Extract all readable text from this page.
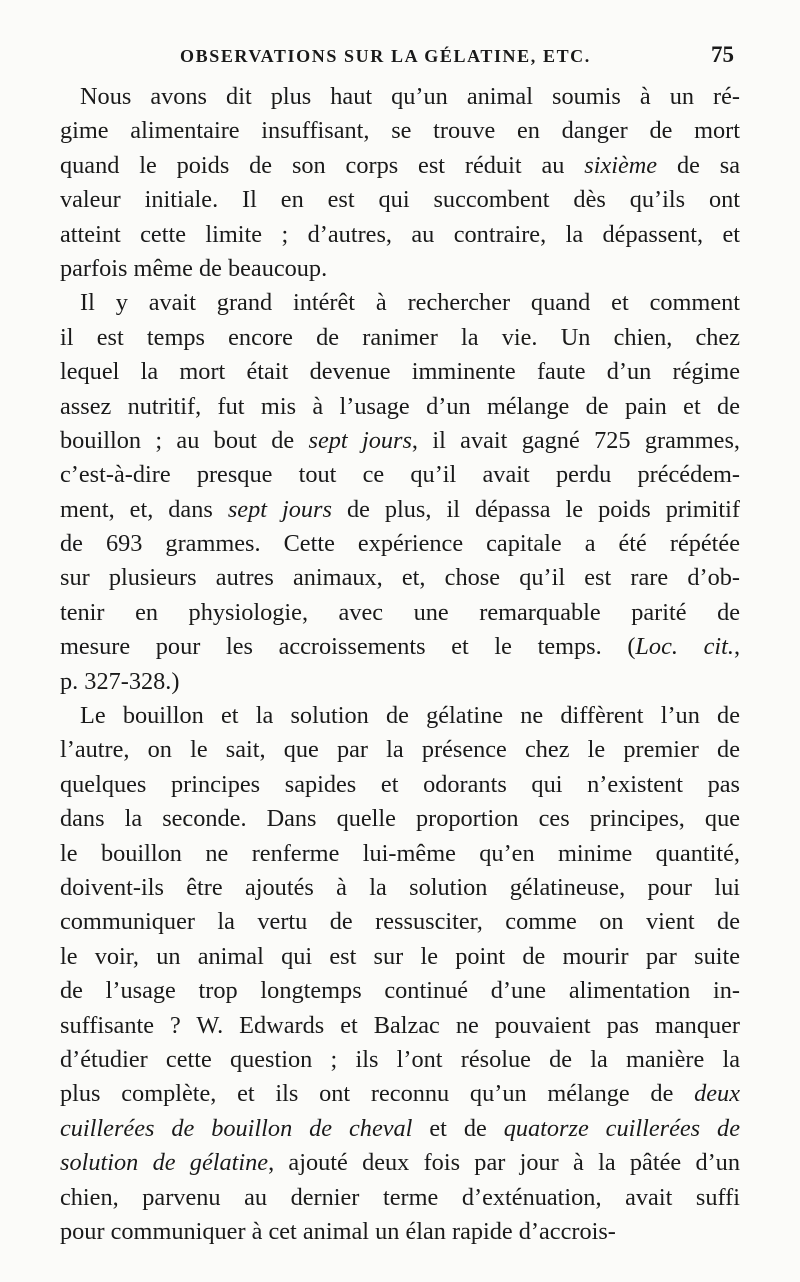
OBSERVATIONS SUR LA GÉLATINE, ETC.	75
Nous avons dit plus haut qu’un animal soumis à un ré-
gime alimentaire insuffisant, se trouve en danger de mort
quand le poids de son corps est réduit au sixième de sa
valeur initiale. Il en est qui succombent dès qu’ils ont
atteint cette limite ; d’autres, au contraire, la dépassent, et
parfois même de beaucoup.
Il y avait grand intérêt à rechercher quand et comment
il est temps encore de ranimer la vie. Un chien, chez
lequel la mort était devenue imminente faute d’un régime
assez nutritif, fut mis à l’usage d’un mélange de pain et de
bouillon ; au bout de sept jours, il avait gagné 725 grammes,
c’est-à-dire presque tout ce qu’il avait perdu précédem-
ment, et, dans sept jours de plus, il dépassa le poids primitif
de 693 grammes. Cette expérience capitale a été répétée
sur plusieurs autres animaux, et, chose qu’il est rare d’ob-
tenir en physiologie, avec une remarquable parité de
mesure pour les accroissements et le temps. (Loc. cit.,
p. 327-328.)
Le bouillon et la solution de gélatine ne diffèrent l’un de
l’autre, on le sait, que par la présence chez le premier de
quelques principes sapides et odorants qui n’existent pas
dans la seconde. Dans quelle proportion ces principes, que
le bouillon ne renferme lui-même qu’en minime quantité,
doivent-ils être ajoutés à la solution gélatineuse, pour lui
communiquer la vertu de ressusciter, comme on vient de
le voir, un animal qui est sur le point de mourir par suite
de l’usage trop longtemps continué d’une alimentation in-
suffisante ? W. Edwards et Balzac ne pouvaient pas manquer
d’étudier cette question ; ils l’ont résolue de la manière la
plus complète, et ils ont reconnu qu’un mélange de deux
cuillerées de bouillon de cheval et de quatorze cuillerées de
solution de gélatine, ajouté deux fois par jour à la pâtée d’un
chien, parvenu au dernier terme d’exténuation, avait suffi
pour communiquer à cet animal un élan rapide d’accrois-
